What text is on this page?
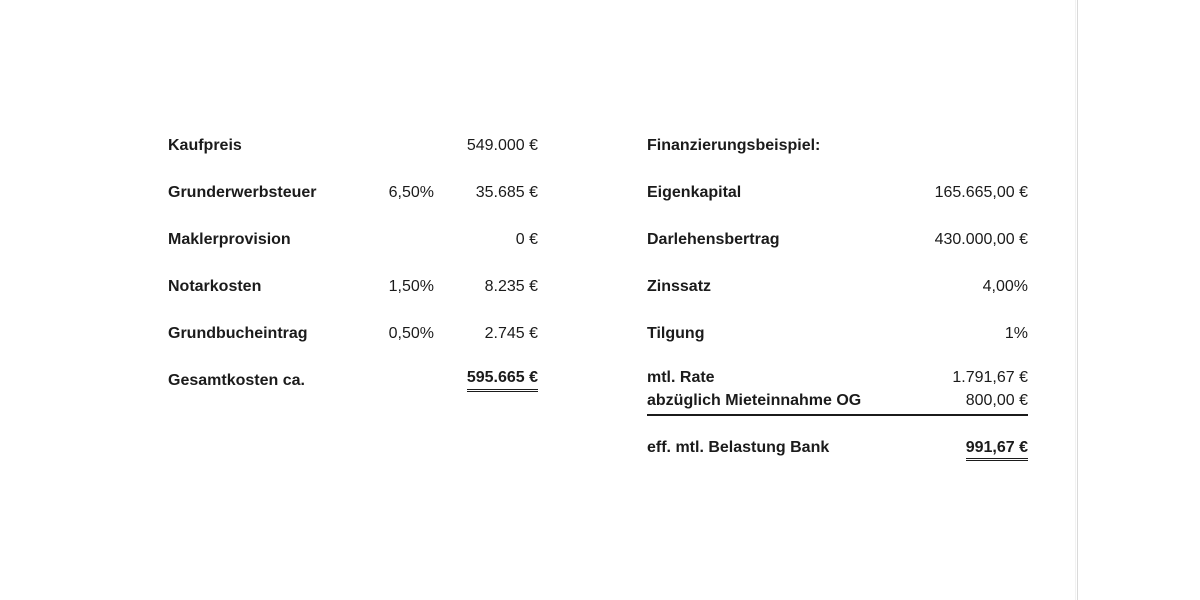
Kaufpreis	549.000 €
Grunderwerbsteuer	6,50%	35.685 €
Maklerprovision	0 €
Notarkosten	1,50%	8.235 €
Grundbucheintrag	0,50%	2.745 €
Gesamtkosten ca.	595.665 €
Finanzierungsbeispiel:
Eigenkapital	165.665,00 €
Darlehensbertrag	430.000,00 €
Zinssatz	4,00%
Tilgung	1%
mtl. Rate	1.791,67 €
abzüglich Mieteinnahme OG	800,00 €
eff. mtl. Belastung Bank	991,67 €
